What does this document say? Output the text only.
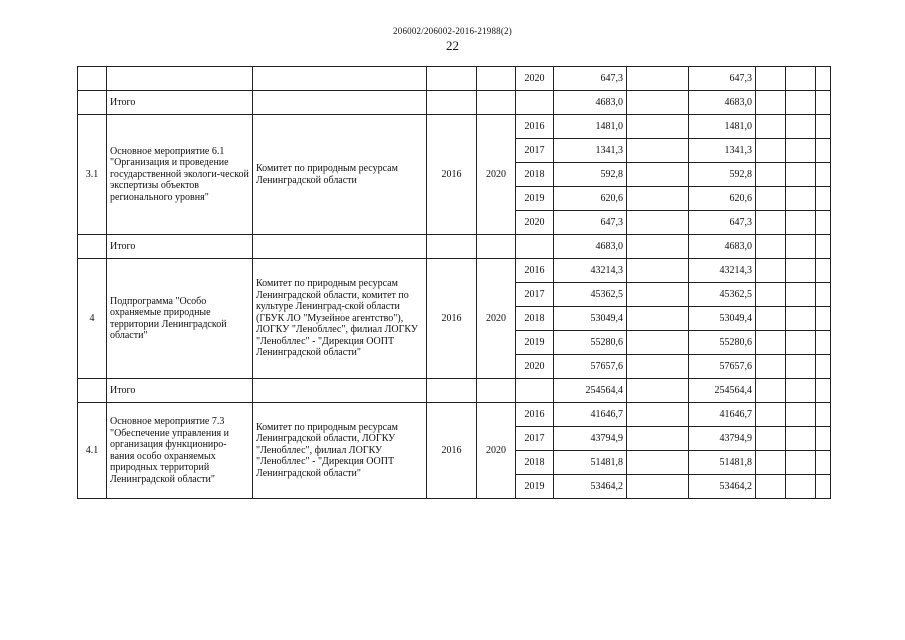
206002/206002-2016-21988(2)
22
					2020	647,3		647,3			
	Итого					4683,0		4683,0			
3.1	Основное мероприятие 6.1 "Организация и проведение государственной экологи-ческой экспертизы объектов регионального уровня"	Комитет по природным ресурсам Ленинградской области	2016	2020	2016	1481,0		1481,0			
					2017	1341,3		1341,3			
					2018	592,8		592,8			
					2019	620,6		620,6			
					2020	647,3		647,3			
	Итого					4683,0		4683,0			
4	Подпрограмма "Особо охраняемые природные территории Ленинградской области"	Комитет по природным ресурсам Ленинградской области, комитет по культуре Ленинград-ской области (ГБУК ЛО "Музейное агентство"), ЛОГКУ "Ленобллес", филиал ЛОГКУ "Ленобллес" - "Дирекция ООПТ Ленинградской области"	2016	2020	2016	43214,3		43214,3			
					2017	45362,5		45362,5			
					2018	53049,4		53049,4			
					2019	55280,6		55280,6			
					2020	57657,6		57657,6			
	Итого					254564,4		254564,4			
4.1	Основное мероприятие 7.3 "Обеспечение управления и организация функциониро-вания особо охраняемых природных территорий Ленинградской области"	Комитет по природным ресурсам Ленинградской области, ЛОГКУ "Ленобллес", филиал ЛОГКУ "Ленобллес" - "Дирекция ООПТ Ленинградской области"	2016	2020	2016	41646,7		41646,7			
					2017	43794,9		43794,9			
					2018	51481,8		51481,8			
					2019	53464,2		53464,2			
